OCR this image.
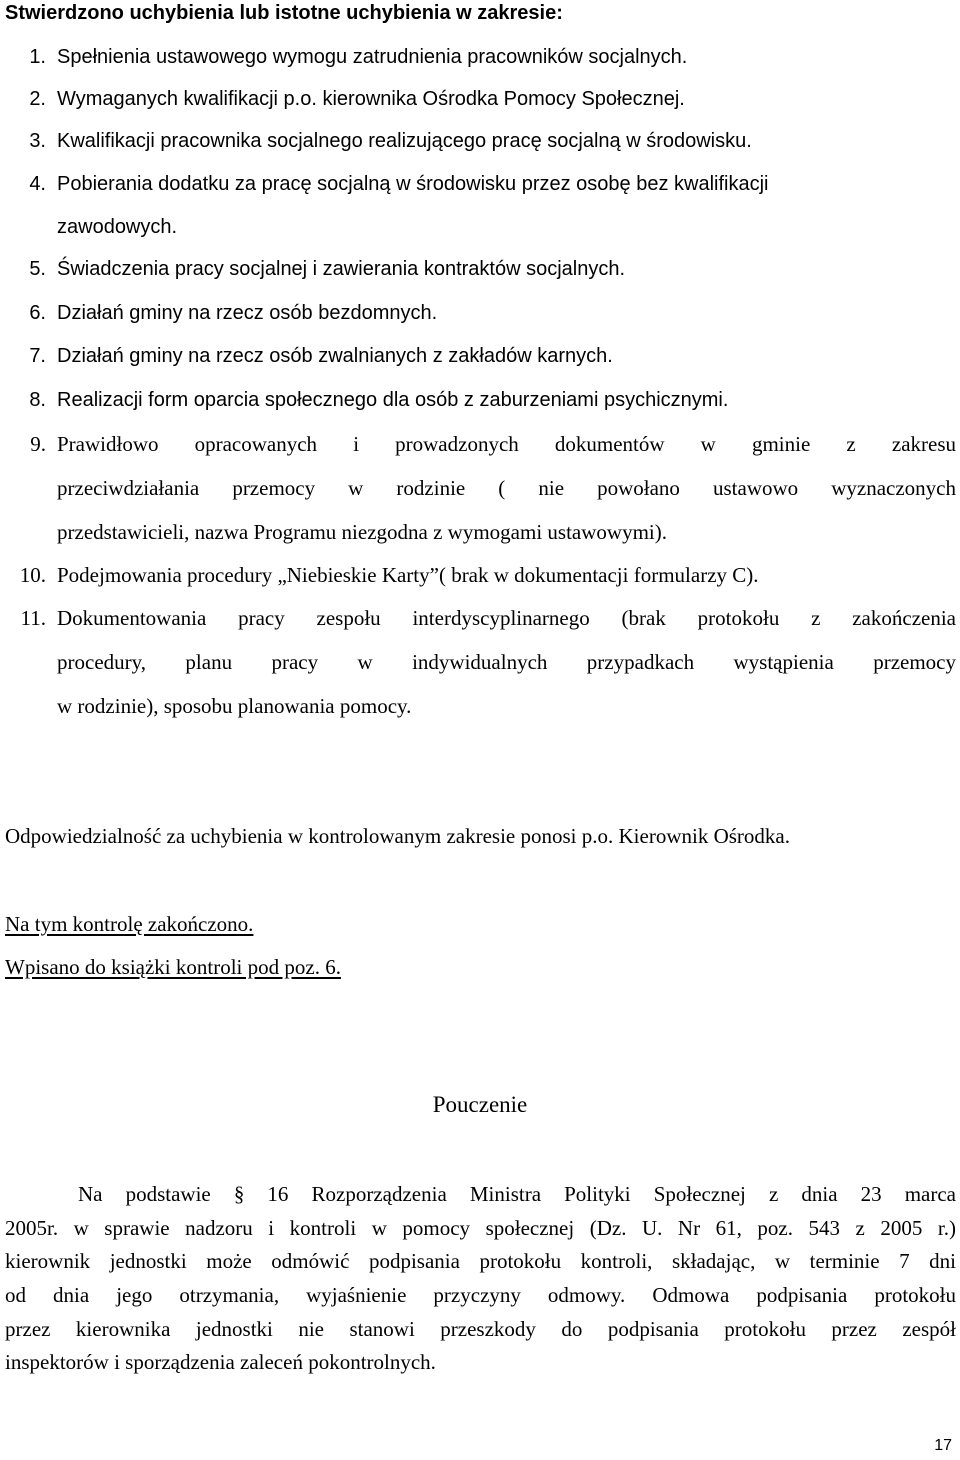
Stwierdzono uchybienia lub istotne uchybienia w zakresie:
1. Spełnienia ustawowego wymogu zatrudnienia pracowników socjalnych.
2. Wymaganych kwalifikacji p.o. kierownika Ośrodka Pomocy Społecznej.
3. Kwalifikacji pracownika socjalnego realizującego pracę socjalną w środowisku.
4. Pobierania dodatku za pracę socjalną w środowisku przez osobę bez kwalifikacji
zawodowych.
5. Świadczenia pracy socjalnej i zawierania kontraktów socjalnych.
6. Działań gminy na rzecz osób bezdomnych.
7. Działań gminy na rzecz osób zwalnianych z zakładów karnych.
8. Realizacji form oparcia społecznego dla osób z zaburzeniami psychicznymi.
9. Prawidłowo opracowanych i prowadzonych dokumentów w gminie z zakresu
przeciwdziałania przemocy w rodzinie ( nie powołano ustawowo wyznaczonych
przedstawicieli, nazwa Programu niezgodna z wymogami ustawowymi).
10. Podejmowania procedury „Niebieskie Karty”( brak w dokumentacji formularzy C).
11. Dokumentowania pracy zespołu interdyscyplinarnego (brak protokołu z zakończenia
procedury, planu pracy w indywidualnych przypadkach wystąpienia przemocy
w rodzinie), sposobu planowania pomocy.
Odpowiedzialność za uchybienia w kontrolowanym zakresie ponosi p.o. Kierownik Ośrodka.
Na tym kontrolę zakończono.
Wpisano do książki kontroli pod poz. 6.
Pouczenie
Na podstawie § 16 Rozporządzenia Ministra Polityki Społecznej z dnia 23 marca
2005r. w sprawie nadzoru i kontroli w pomocy społecznej (Dz. U. Nr 61, poz. 543 z 2005 r.)
kierownik jednostki może odmówić podpisania protokołu kontroli, składając, w terminie 7 dni
od dnia jego otrzymania, wyjaśnienie przyczyny odmowy. Odmowa podpisania protokołu
przez kierownika jednostki nie stanowi przeszkody do podpisania protokołu przez zespół
inspektorów i sporządzenia zaleceń pokontrolnych.
17
